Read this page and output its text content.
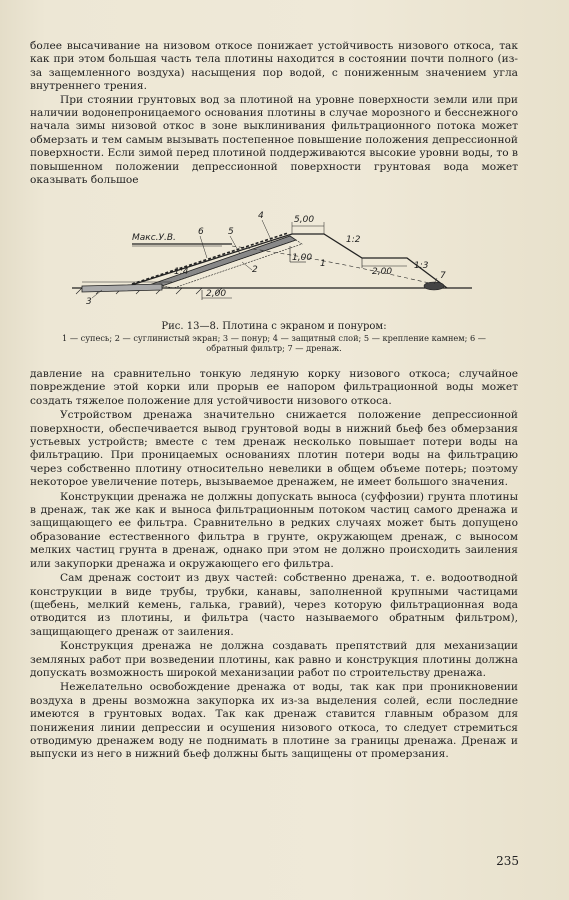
более высачивание на низовом откосе понижает устойчивость низового откоса, так как при этом большая часть тела плотины находится в состоянии почти полного (из-за защемленного воздуха) насыщения пор водой, с пониженным значением угла внутреннего трения.

При стоянии грунтовых вод за плотиной на уровне поверхности земли или при наличии водонепроницаемого основания плотины в случае морозного и бесснежного начала зимы низовой откос в зоне выклинивания фильтрационного потока может обмерзать и тем самым вызывать постепенное повышение положения депрессионной поверхности. Если зимой перед плотиной поддерживаются высокие уровни воды, то в повышенном положении депрессионной поверхности грунтовая вода может оказывать большое

Макс.У.В.
6	5
4	5,00
1:2
1,00
1
2
1:4	2,00
1:3
7
3
2,00
Рис. 13—8. Плотина с экраном и понуром:
1 — супесь; 2 — суглинистый экран; 3 — понур; 4 — защитный слой; 5 — крепление камнем; 6 — обратный фильтр; 7 — дренаж.

давление на сравнительно тонкую ледяную корку низового откоса; случайное повреждение этой корки или прорыв ее напором фильтрационной воды может создать тяжелое положение для устойчивости низового откоса.

Устройством дренажа значительно снижается положение депрессионной поверхности, обеспечивается вывод грунтовой воды в нижний бьеф без обмерзания устьевых устройств; вместе с тем дренаж несколько повышает потери воды на фильтрацию. При проницаемых основаниях плотин потери воды на фильтрацию через собственно плотину относительно невелики в общем объеме потерь; поэтому некоторое увеличение потерь, вызываемое дренажем, не имеет большого значения.

Конструкции дренажа не должны допускать выноса (суффозии) грунта плотины в дренаж, так же как и выноса фильтрационным потоком частиц самого дренажа и защищающего ее фильтра. Сравнительно в редких случаях может быть допущено образование естественного фильтра в грунте, окружающем дренаж, с выносом мелких частиц грунта в дренаж, однако при этом не должно происходить заиления или закупорки дренажа и окружающего его фильтра.

Сам дренаж состоит из двух частей: собственно дренажа, т. е. водоотводной конструкции в виде трубы, трубки, канавы, заполненной крупными частицами (щебень, мелкий кемень, галька, гравий), через которую фильтрационная вода отводится из плотины, и фильтра (часто называемого обратным фильтром), защищающего дренаж от заиления.

Конструкция дренажа не должна создавать препятствий для механизации земляных работ при возведении плотины, как равно и конструкция плотины должна допускать возможность широкой механизации работ по строительству дренажа.

Нежелательно освобождение дренажа от воды, так как при проникновении воздуха в дрены возможна закупорка их из-за выделения солей, если последние имеются в грунтовых водах. Так как дренаж ставится главным образом для понижения линии депрессии и осушения низового откоса, то следует стремиться отводимую дренажем воду не поднимать в плотине за границы дренажа. Дренаж и выпуски из него в нижний бьеф должны быть защищены от промерзания.

235
